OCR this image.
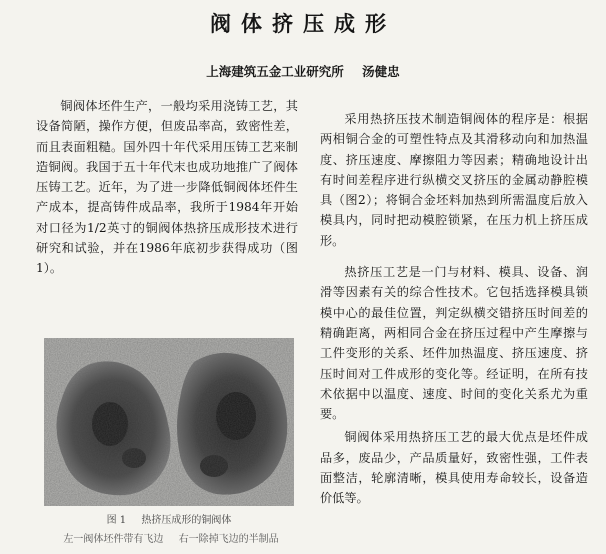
阀体挤压成形
上海建筑五金工业研究所 汤健忠

铜阀体坯件生产，一般均采用浇铸工艺，其设备简陋，操作方便，但废品率高，致密性差，而且表面粗糙。国外四十年代采用压铸工艺来制造铜阀。我国于五十年代末也成功地推广了阀体压铸工艺。近年，为了进一步降低铜阀体坯件生产成本，提高铸件成品率，我所于1984年开始对口径为1/2英寸的铜阀体热挤压成形技术进行研究和试验，并在1986年底初步获得成功（图1）。

图 1 热挤压成形的铜阀体
左一阀体坯件带有飞边 右一除掉飞边的半制品

采用热挤压技术制造铜阀体的程序是：根据两相铜合金的可塑性特点及其滑移动向和加热温度、挤压速度、摩擦阻力等因素；精确地设计出有时间差程序进行纵横交叉挤压的金属动静腔模具（图2）；将铜合金坯料加热到所需温度后放入模具内，同时把动模腔锁紧，在压力机上挤压成形。

热挤压工艺是一门与材料、模具、设备、润滑等因素有关的综合性技术。它包括选择模具锁模中心的最佳位置，判定纵横交错挤压时间差的精确距离，两相同合金在挤压过程中产生摩擦与工件变形的关系、坯件加热温度、挤压速度、挤压时间对工件成形的变化等。经证明，在所有技术依据中以温度、速度、时间的变化关系尤为重要。

铜阀体采用热挤压工艺的最大优点是坯件成品多，废品少，产品质量好，致密性强，工件表面整洁，轮廓清晰，模具使用寿命较长，设备造价低等。
